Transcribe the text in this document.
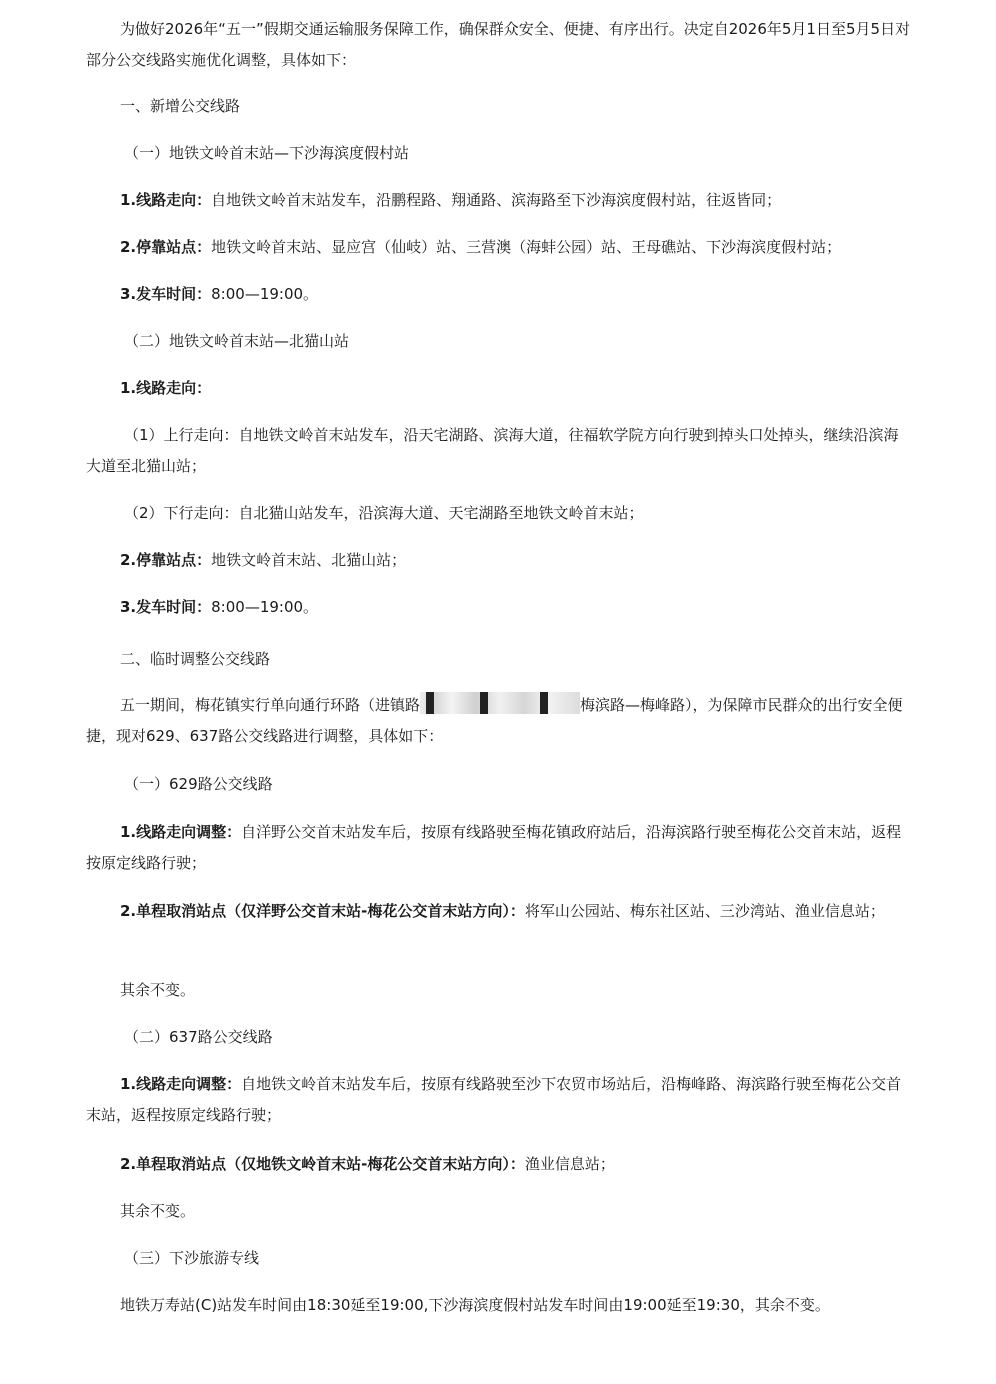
为做好2026年“五一”假期交通运输服务保障工作，确保群众安全、便捷、有序出行。决定自2026年5月1日至5月5日对部分公交线路实施优化调整，具体如下：

一、新增公交线路

（一）地铁文岭首末站—下沙海滨度假村站

1.线路走向：自地铁文岭首末站发车，沿鹏程路、翔通路、滨海路至下沙海滨度假村站，往返皆同；

2.停靠站点：地铁文岭首末站、显应宫（仙岐）站、三营澳（海蚌公园）站、王母礁站、下沙海滨度假村站；

3.发车时间：8:00—19:00。

（二）地铁文岭首末站—北猫山站

1.线路走向：

（1）上行走向：自地铁文岭首末站发车，沿天宅湖路、滨海大道，往福软学院方向行驶到掉头口处掉头，继续沿滨海大道至北猫山站；

（2）下行走向：自北猫山站发车，沿滨海大道、天宅湖路至地铁文岭首末站；

2.停靠站点：地铁文岭首末站、北猫山站；

3.发车时间：8:00—19:00。

二、临时调整公交线路

五一期间，梅花镇实行单向通行环路（进镇路	梅滨路—梅峰路），为保障市民群众的出行安全便捷，现对629、637路公交线路进行调整，具体如下：

（一）629路公交线路

1.线路走向调整：自洋野公交首末站发车后，按原有线路驶至梅花镇政府站后，沿海滨路行驶至梅花公交首末站，返程按原定线路行驶；

2.单程取消站点（仅洋野公交首末站-梅花公交首末站方向）：将军山公园站、梅东社区站、三沙湾站、渔业信息站；

其余不变。

（二）637路公交线路

1.线路走向调整：自地铁文岭首末站发车后，按原有线路驶至沙下农贸市场站后，沿梅峰路、海滨路行驶至梅花公交首末站，返程按原定线路行驶；

2.单程取消站点（仅地铁文岭首末站-梅花公交首末站方向）：渔业信息站；

其余不变。

（三）下沙旅游专线

地铁万寿站(C)站发车时间由18:30延至19:00,下沙海滨度假村站发车时间由19:00延至19:30，其余不变。
